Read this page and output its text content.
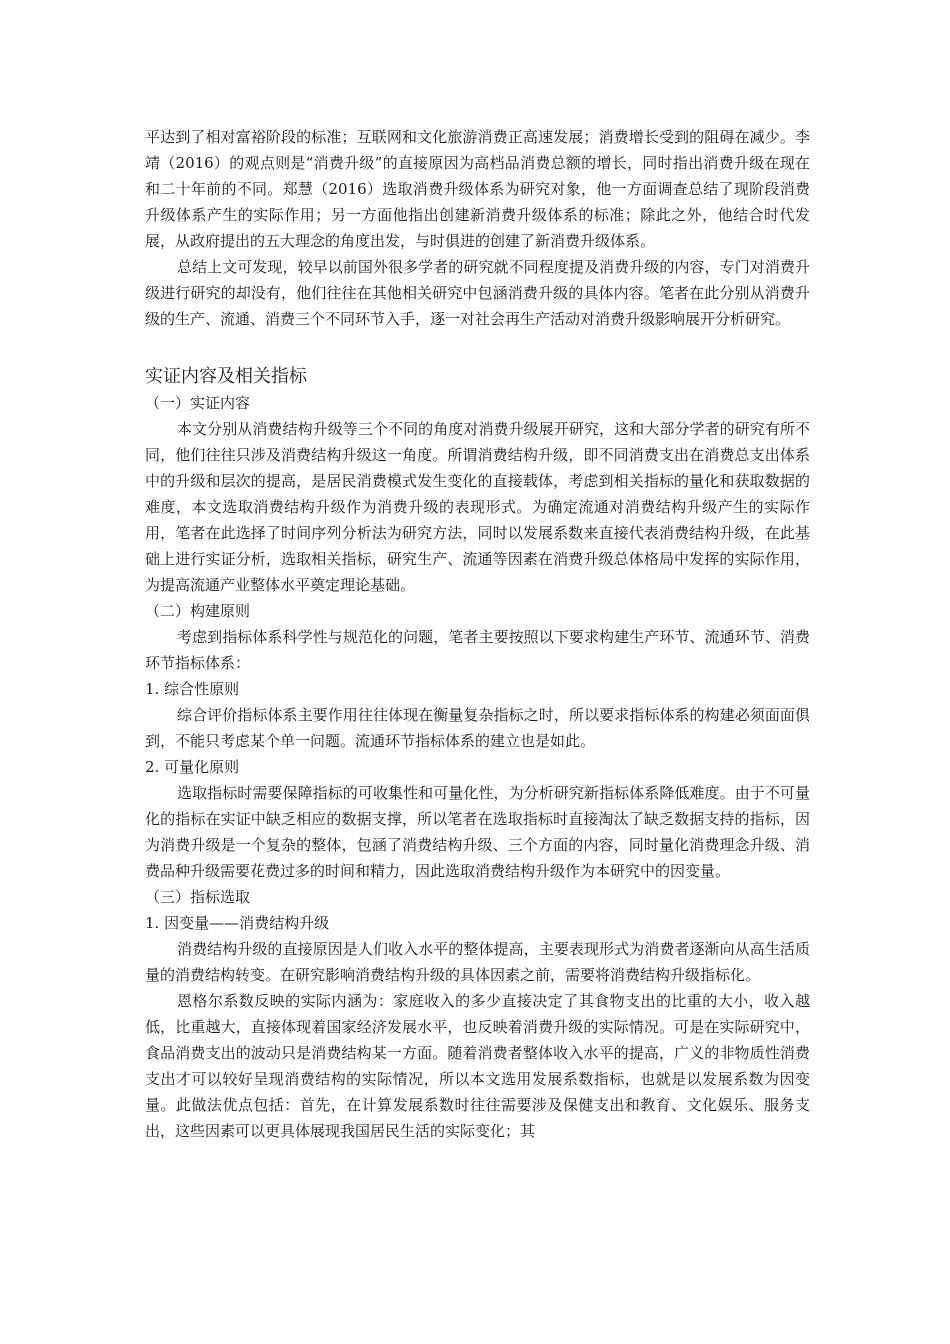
平达到了相对富裕阶段的标准；互联网和文化旅游消费正高速发展；消费增长受到的阻碍在减少。李靖（2016）的观点则是“消费升级”的直接原因为高档品消费总额的增长，同时指出消费升级在现在和二十年前的不同。郑慧（2016）选取消费升级体系为研究对象，他一方面调查总结了现阶段消费升级体系产生的实际作用；另一方面他指出创建新消费升级体系的标准；除此之外，他结合时代发展，从政府提出的五大理念的角度出发，与时俱进的创建了新消费升级体系。

总结上文可发现，较早以前国外很多学者的研究就不同程度提及消费升级的内容，专门对消费升级进行研究的却没有，他们往往在其他相关研究中包涵消费升级的具体内容。笔者在此分别从消费升级的生产、流通、消费三个不同环节入手，逐一对社会再生产活动对消费升级影响展开分析研究。

实证内容及相关指标

（一）实证内容

本文分别从消费结构升级等三个不同的角度对消费升级展开研究，这和大部分学者的研究有所不同，他们往往只涉及消费结构升级这一角度。所谓消费结构升级，即不同消费支出在消费总支出体系中的升级和层次的提高，是居民消费模式发生变化的直接载体，考虑到相关指标的量化和获取数据的难度，本文选取消费结构升级作为消费升级的表现形式。为确定流通对消费结构升级产生的实际作用，笔者在此选择了时间序列分析法为研究方法，同时以发展系数来直接代表消费结构升级，在此基础上进行实证分析，选取相关指标，研究生产、流通等因素在消费升级总体格局中发挥的实际作用，为提高流通产业整体水平奠定理论基础。

（二）构建原则

考虑到指标体系科学性与规范化的问题，笔者主要按照以下要求构建生产环节、流通环节、消费环节指标体系：

1. 综合性原则

综合评价指标体系主要作用往往体现在衡量复杂指标之时，所以要求指标体系的构建必须面面俱到，不能只考虑某个单一问题。流通环节指标体系的建立也是如此。

2. 可量化原则

选取指标时需要保障指标的可收集性和可量化性，为分析研究新指标体系降低难度。由于不可量化的指标在实证中缺乏相应的数据支撑，所以笔者在选取指标时直接淘汰了缺乏数据支持的指标，因为消费升级是一个复杂的整体，包涵了消费结构升级、三个方面的内容，同时量化消费理念升级、消费品种升级需要花费过多的时间和精力，因此选取消费结构升级作为本研究中的因变量。

（三）指标选取

1. 因变量——消费结构升级

消费结构升级的直接原因是人们收入水平的整体提高，主要表现形式为消费者逐渐向从高生活质量的消费结构转变。在研究影响消费结构升级的具体因素之前，需要将消费结构升级指标化。

恩格尔系数反映的实际内涵为：家庭收入的多少直接决定了其食物支出的比重的大小，收入越低，比重越大，直接体现着国家经济发展水平，也反映着消费升级的实际情况。可是在实际研究中，食品消费支出的波动只是消费结构某一方面。随着消费者整体收入水平的提高，广义的非物质性消费支出才可以较好呈现消费结构的实际情况，所以本文选用发展系数指标，也就是以发展系数为因变量。此做法优点包括：首先，在计算发展系数时往往需要涉及保健支出和教育、文化娱乐、服务支出，这些因素可以更具体展现我国居民生活的实际变化；其
